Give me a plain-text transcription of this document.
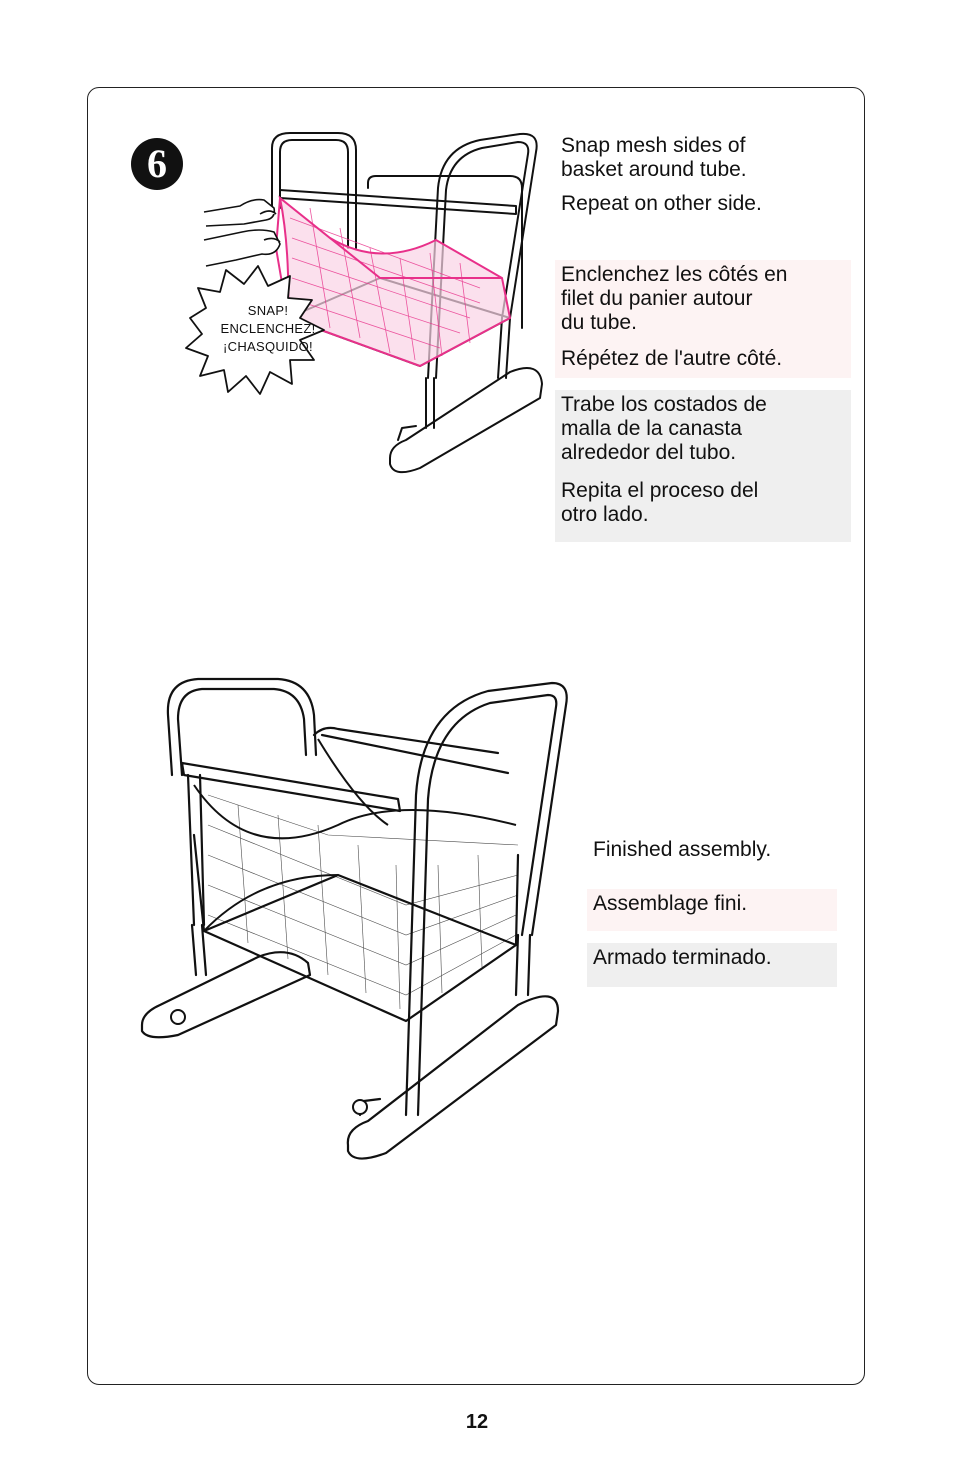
6
SNAP!
ENCLENCHEZ!
¡CHASQUIDO!

Snap mesh sides of

basket around tube.

Repeat on other side.

Enclenchez les côtés en

filet du panier autour

du tube.

Répétez de l'autre côté.

Trabe los costados de

malla de la canasta

alrededor del tubo.

Repita el proceso del

otro lado.

Finished assembly.
Assemblage fini.
Armado terminado.
12
